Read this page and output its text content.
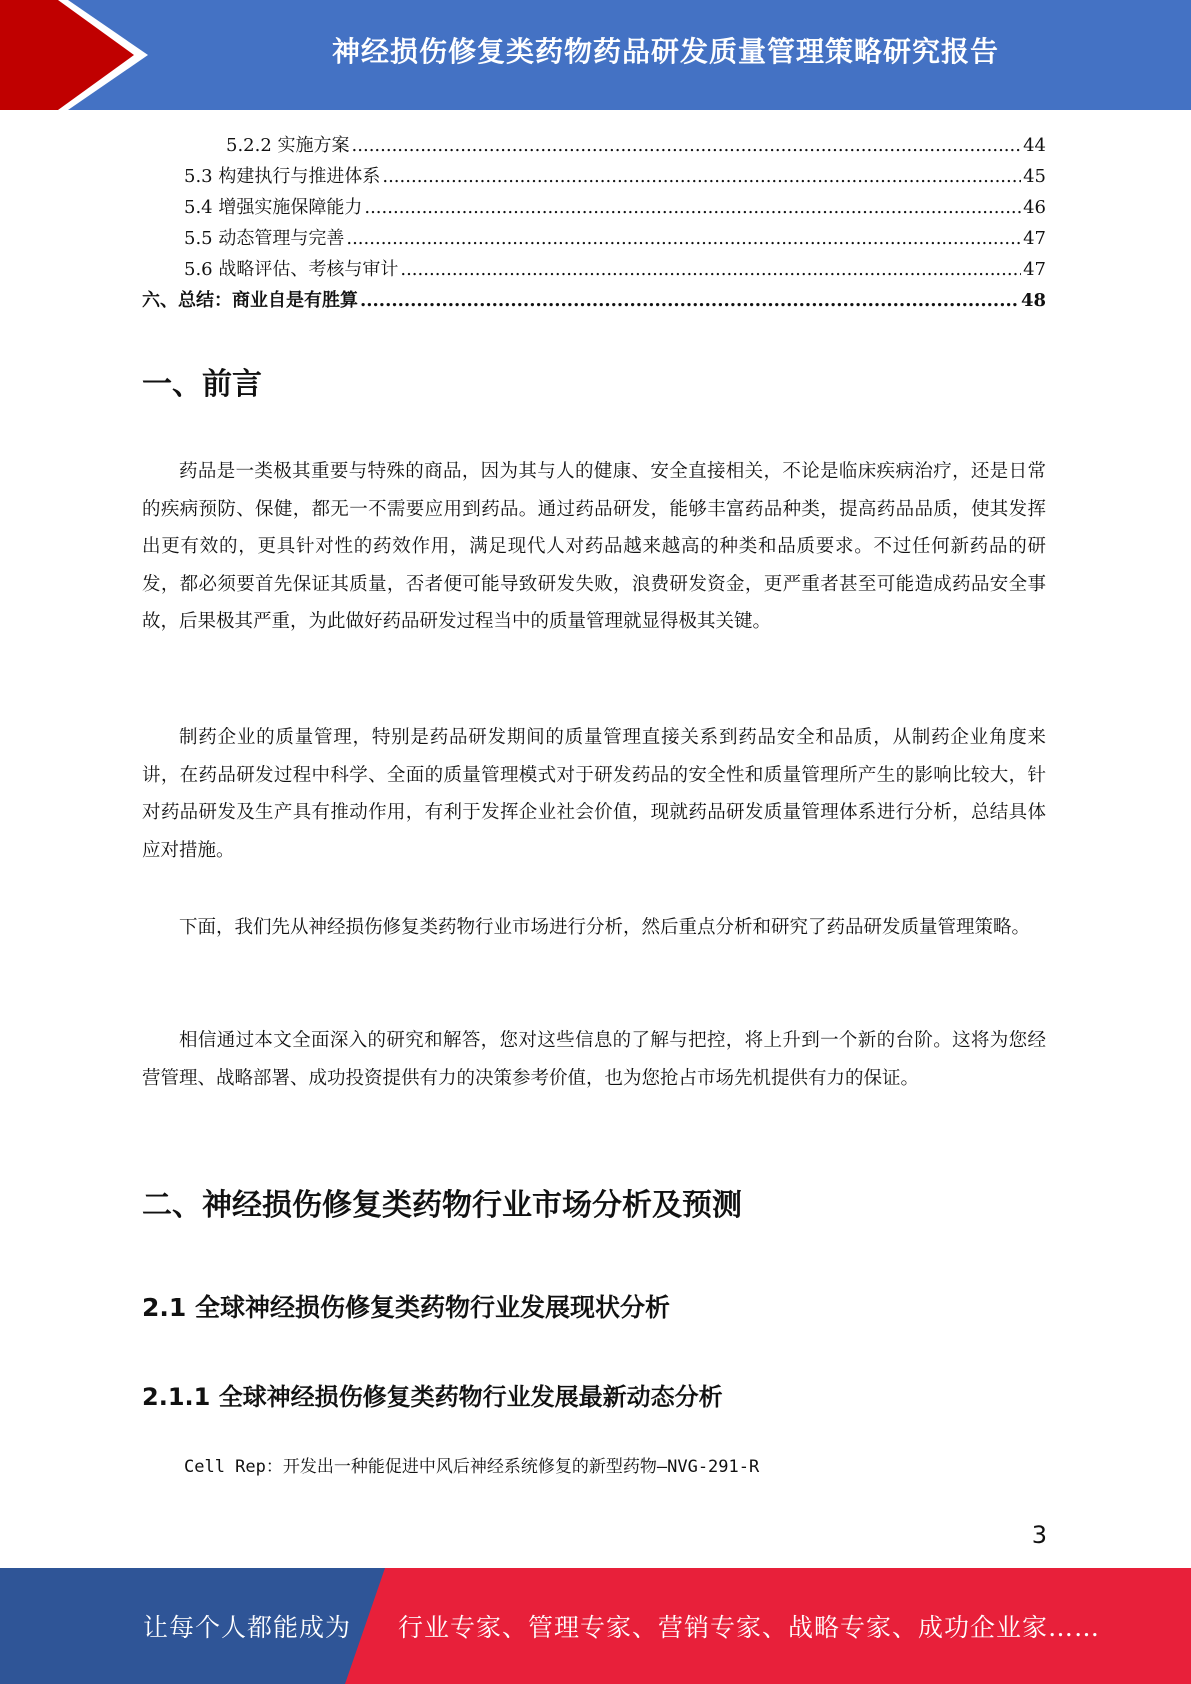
神经损伤修复类药物药品研发质量管理策略研究报告
5.2.2 实施方案 .....	44
5.3 构建执行与推进体系 .....	45
5.4 增强实施保障能力 .....	46
5.5 动态管理与完善 .....	47
5.6 战略评估、考核与审计 .....	47
六、总结：商业自是有胜算 .....	48
一、前言

药品是一类极其重要与特殊的商品，因为其与人的健康、安全直接相关，不论是临床疾病治疗，还是日常的疾病预防、保健，都无一不需要应用到药品。通过药品研发，能够丰富药品种类，提高药品品质，使其发挥出更有效的，更具针对性的药效作用，满足现代人对药品越来越高的种类和品质要求。不过任何新药品的研发，都必须要首先保证其质量，否者便可能导致研发失败，浪费研发资金，更严重者甚至可能造成药品安全事故，后果极其严重，为此做好药品研发过程当中的质量管理就显得极其关键。

制药企业的质量管理，特别是药品研发期间的质量管理直接关系到药品安全和品质，从制药企业角度来讲，在药品研发过程中科学、全面的质量管理模式对于研发药品的安全性和质量管理所产生的影响比较大，针对药品研发及生产具有推动作用，有利于发挥企业社会价值，现就药品研发质量管理体系进行分析，总结具体应对措施。

下面，我们先从神经损伤修复类药物行业市场进行分析，然后重点分析和研究了药品研发质量管理策略。

相信通过本文全面深入的研究和解答，您对这些信息的了解与把控，将上升到一个新的台阶。这将为您经营管理、战略部署、成功投资提供有力的决策参考价值，也为您抢占市场先机提供有力的保证。

二、神经损伤修复类药物行业市场分析及预测
2.1 全球神经损伤修复类药物行业发展现状分析
2.1.1 全球神经损伤修复类药物行业发展最新动态分析
Cell Rep：开发出一种能促进中风后神经系统修复的新型药物—NVG-291-R
3
让每个人都能成为 行业专家、管理专家、营销专家、战略专家、成功企业家……
